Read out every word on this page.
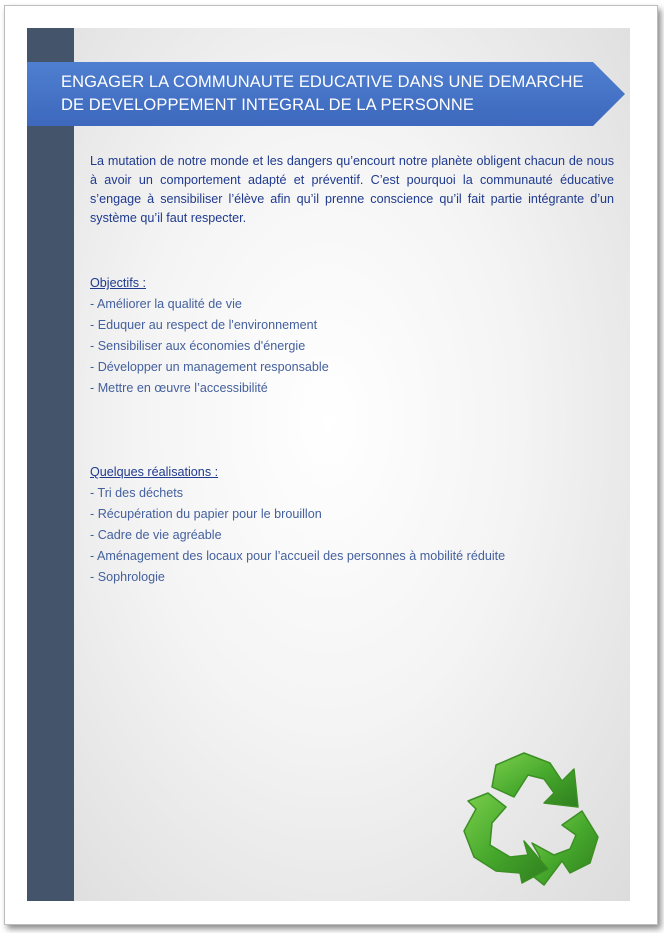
ENGAGER LA COMMUNAUTE EDUCATIVE DANS UNE DEMARCHE
DE DEVELOPPEMENT INTEGRAL DE LA PERSONNE

La mutation de notre monde et les dangers qu’encourt notre planète obligent chacun de nous à avoir un comportement adapté et préventif. C’est pourquoi la communauté éducative s’engage à sensibiliser l’élève afin qu’il prenne conscience qu’il fait partie intégrante d’un système qu’il faut respecter.

Objectifs :

- Améliorer la qualité de vie
- Eduquer au respect de l'environnement
- Sensibiliser aux économies d'énergie
- Développer un management responsable
- Mettre en œuvre l’accessibilité

Quelques réalisations :

- Tri des déchets
- Récupération du papier pour le brouillon
- Cadre de vie agréable
- Aménagement des locaux pour l’accueil des personnes à mobilité réduite
- Sophrologie
